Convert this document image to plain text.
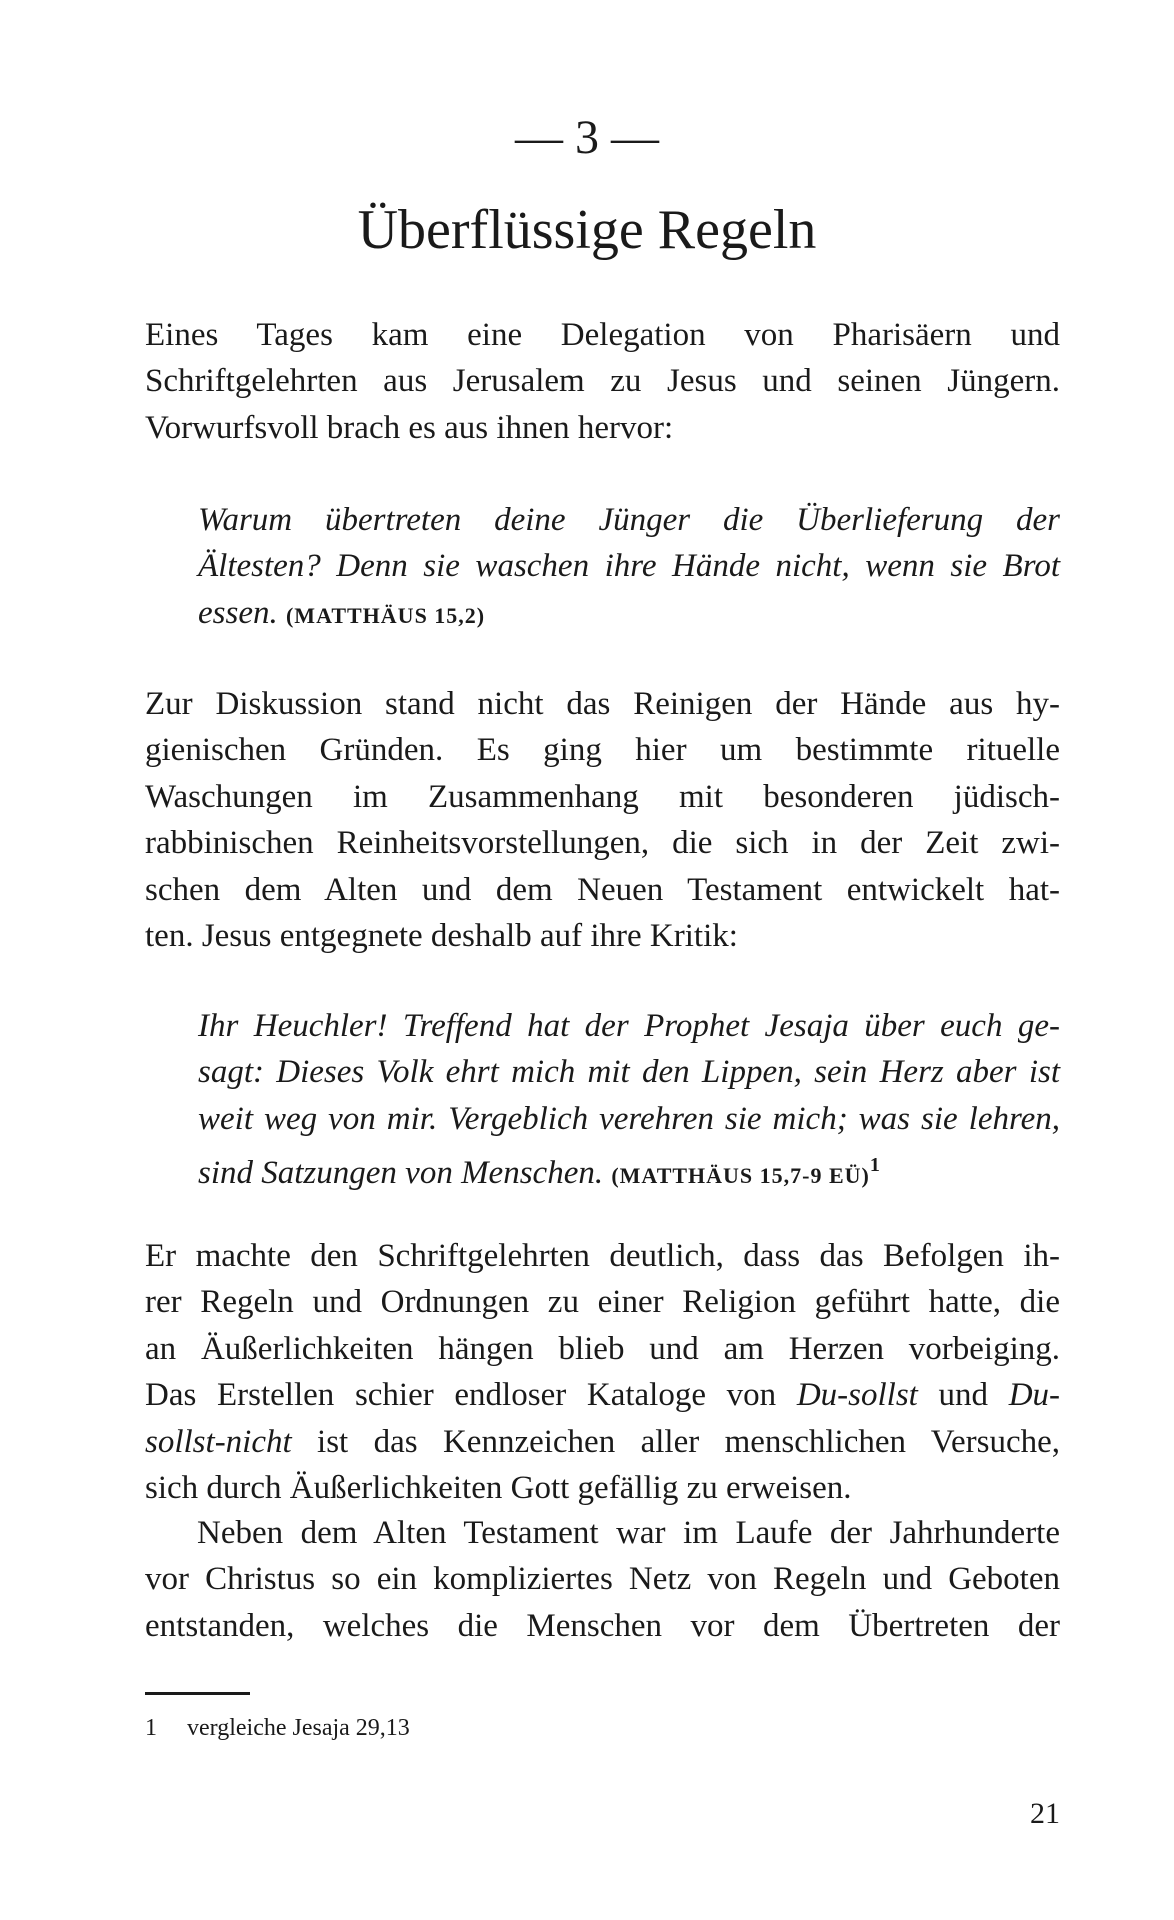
— 3 —
Überflüssige Regeln
Eines Tages kam eine Delegation von Pharisäern und
Schriftgelehrten aus Jerusalem zu Jesus und seinen Jüngern.
Vorwurfsvoll brach es aus ihnen hervor:
Warum übertreten deine Jünger die Überlieferung der
Ältesten? Denn sie waschen ihre Hände nicht, wenn sie Brot
essen. (MATTHÄUS 15,2)
Zur Diskussion stand nicht das Reinigen der Hände aus hy-
gienischen Gründen. Es ging hier um bestimmte rituelle
Waschungen im Zusammenhang mit besonderen jüdisch-
rabbinischen Reinheitsvorstellungen, die sich in der Zeit zwi-
schen dem Alten und dem Neuen Testament entwickelt hat-
ten. Jesus entgegnete deshalb auf ihre Kritik:
Ihr Heuchler! Treffend hat der Prophet Jesaja über euch ge-
sagt: Dieses Volk ehrt mich mit den Lippen, sein Herz aber ist
weit weg von mir. Vergeblich verehren sie mich; was sie lehren,
sind Satzungen von Menschen. (MATTHÄUS 15,7-9 EÜ)$^1$
Er machte den Schriftgelehrten deutlich, dass das Befolgen ih-
rer Regeln und Ordnungen zu einer Religion geführt hatte, die
an Äußerlichkeiten hängen blieb und am Herzen vorbeiging.
Das Erstellen schier endloser Kataloge von Du-sollst und Du-
sollst-nicht ist das Kennzeichen aller menschlichen Versuche,
sich durch Äußerlichkeiten Gott gefällig zu erweisen.
Neben dem Alten Testament war im Laufe der Jahrhunderte
vor Christus so ein kompliziertes Netz von Regeln und Geboten
entstanden, welches die Menschen vor dem Übertreten der
1 vergleiche Jesaja 29,13
21
